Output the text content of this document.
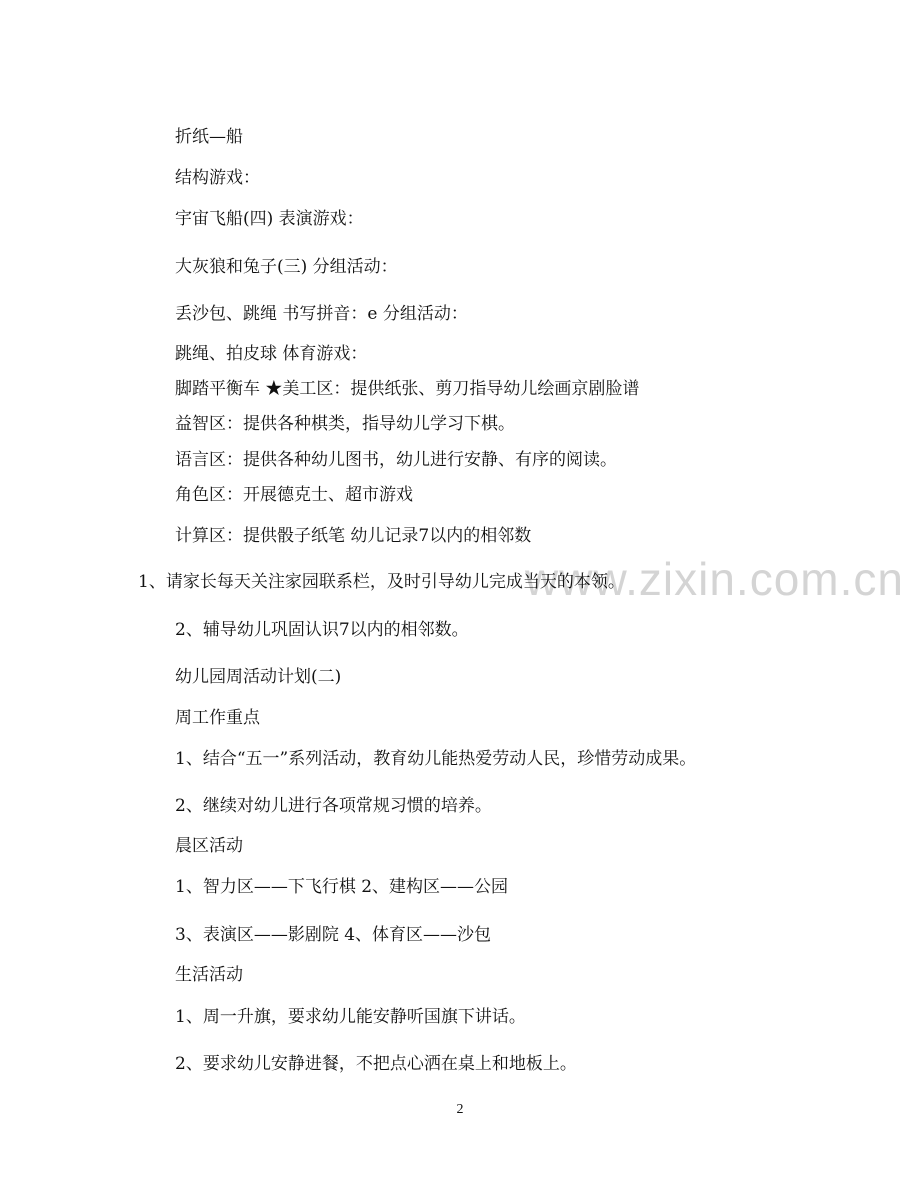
www.zixin.com.cn
折纸—船
结构游戏：
宇宙飞船(四) 表演游戏：
大灰狼和兔子(三) 分组活动：
丢沙包、跳绳 书写拼音：e 分组活动：
跳绳、拍皮球 体育游戏：
脚踏平衡车 ★美工区：提供纸张、剪刀指导幼儿绘画京剧脸谱
益智区：提供各种棋类，指导幼儿学习下棋。
语言区：提供各种幼儿图书，幼儿进行安静、有序的阅读。
角色区：开展德克士、超市游戏
计算区：提供骰子纸笔 幼儿记录7以内的相邻数
1、请家长每天关注家园联系栏，及时引导幼儿完成当天的本领。
2、辅导幼儿巩固认识7以内的相邻数。
幼儿园周活动计划(二)
周工作重点
1、结合“五一”系列活动，教育幼儿能热爱劳动人民，珍惜劳动成果。
2、继续对幼儿进行各项常规习惯的培养。
晨区活动
1、智力区——下飞行棋 2、建构区——公园
3、表演区——影剧院 4、体育区——沙包
生活活动
1、周一升旗，要求幼儿能安静听国旗下讲话。
2、要求幼儿安静进餐，不把点心洒在桌上和地板上。
2
